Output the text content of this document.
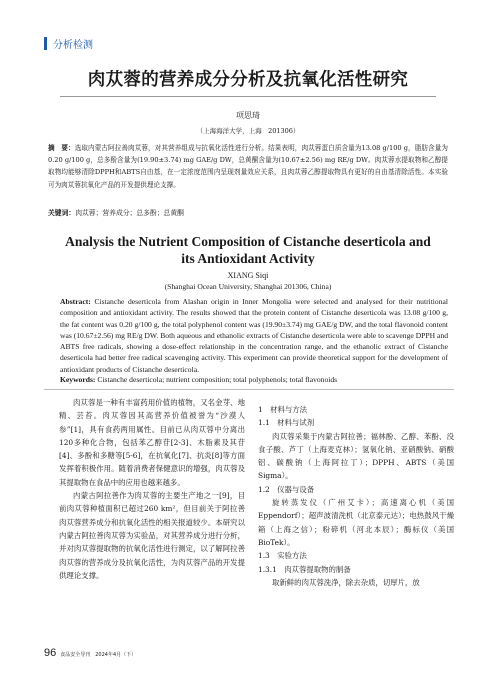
分析检测
肉苁蓉的营养成分分析及抗氧化活性研究
项思琦
（上海海洋大学，上海　201306）
摘　要：选取内蒙古阿拉善肉苁蓉，对其营养组成与抗氧化活性进行分析。结果表明，肉苁蓉蛋白质含量为13.08 g/100 g，脂肪含量为0.20 g/100 g，总多酚含量为(19.90±3.74) mg GAE/g DW，总黄酮含量为(10.67±2.56) mg RE/g DW。肉苁蓉水提取物和乙醇提取物均能够清除DPPH和ABTS自由基，在一定浓度范围内呈现剂量效应关系，且肉苁蓉乙醇提取物具有更好的自由基清除活性。本实验可为肉苁蓉抗氧化产品的开发提供理论支撑。
关键词：肉苁蓉；营养成分；总多酚；总黄酮
Analysis the Nutrient Composition of Cistanche deserticola and
its Antioxidant Activity
XIANG Siqi
(Shanghai Ocean University, Shanghai 201306, China)
Abstract: Cistanche deserticola from Alashan origin in Inner Mongolia were selected and analysed for their nutritional composition and antioxidant activity. The results showed that the protein content of Cistanche deserticola was 13.08 g/100 g, the fat content was 0.20 g/100 g, the total polyphenol content was (19.90±3.74) mg GAE/g DW, and the total flavonoid content was (10.67±2.56) mg RE/g DW. Both aqueous and ethanolic extracts of Cistanche deserticola were able to scavenge DPPH and ABTS free radicals, showing a dose-effect relationship in the concentration range, and the ethanolic extract of Cistanche deserticola had better free radical scavenging activity. This experiment can provide theoretical support for the development of antioxidant products of Cistanche deserticola.
Keywords: Cistanche deserticola; nutrient composition; total polyphenols; total flavonoids

肉苁蓉是一种有丰富药用价值的植物，又名金芽、地精、芸苔。肉苁蓉因其高营养价值被誉为“沙漠人参”[1]，具有食药两用属性。目前已从肉苁蓉中分离出120多种化合物，包括苯乙醇苷[2-3]、木脂素及其苷[4]、多酚和多糖等[5-6]，在抗氧化[7]、抗炎[8]等方面发挥着积极作用。随着消费者保健意识的增强，肉苁蓉及其提取物在食品中的应用也越来越多。

内蒙古阿拉善作为肉苁蓉的主要生产地之一[9]，目前肉苁蓉种植面积已超过260 km²，但目前关于阿拉善肉苁蓉营养成分和抗氧化活性的相关报道较少。本研究以内蒙古阿拉善肉苁蓉为实验品，对其营养成分进行分析，并对肉苁蓉提取物的抗氧化活性进行测定，以了解阿拉善肉苁蓉的营养成分及抗氧化活性，为肉苁蓉产品的开发提供理论支撑。

1　材料与方法

1.1　材料与试剂

肉苁蓉采集于内蒙古阿拉善；福林酚、乙醇、苯酚、没食子酸、芦丁（上海麦克林）；氢氧化钠、亚硝酸钠、硝酸铝、碳酸钠（上海阿拉丁）；DPPH、ABTS（美国Sigma）。

1.2　仪器与设备

旋转蒸发仪（广州艾卡）；高速离心机（美国Eppendorf）；超声波清洗机（北京泰元达）；电热鼓风干燥箱（上海之信）；粉碎机（河北本辰）；酶标仪（美国BioTek）。

1.3　实验方法

1.3.1　肉苁蓉提取物的制备

取新鲜的肉苁蓉洗净，除去杂质，切厚片，放

96 食品安全导刊　2024年4月（下）
